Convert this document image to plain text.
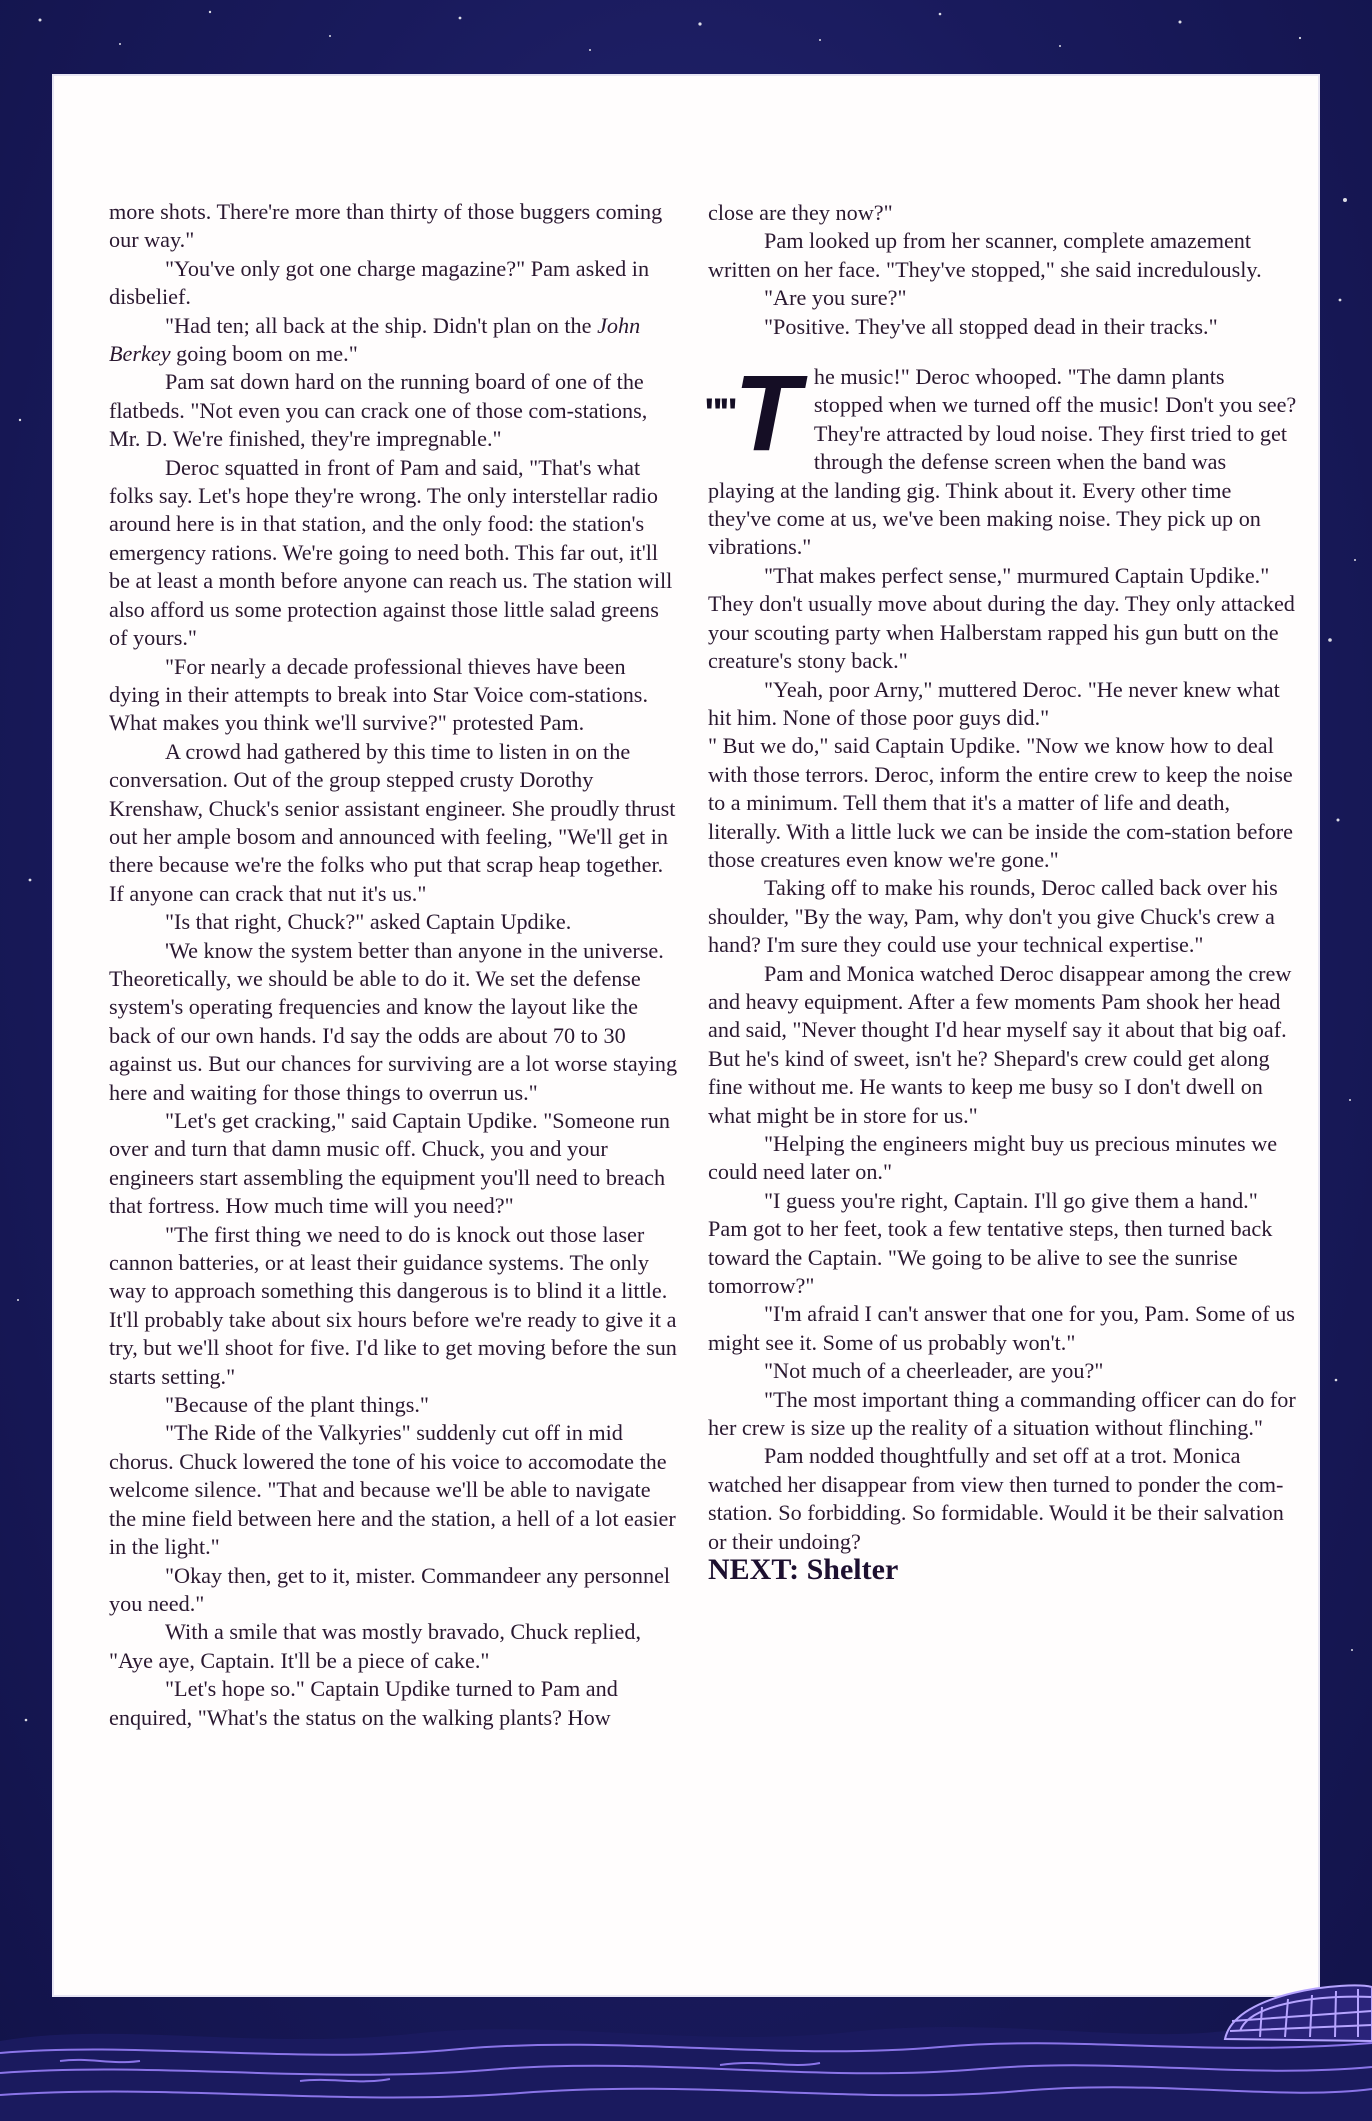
more shots. There're more than thirty of those buggers coming our way."

"You've only got one charge magazine?" Pam asked in disbelief.

"Had ten; all back at the ship. Didn't plan on the John Berkey going boom on me."

Pam sat down hard on the running board of one of the flatbeds. "Not even you can crack one of those com-stations, Mr. D. We're finished, they're impregnable."

Deroc squatted in front of Pam and said, "That's what folks say. Let's hope they're wrong. The only interstellar radio around here is in that station, and the only food: the station's emergency rations. We're going to need both. This far out, it'll be at least a month before anyone can reach us. The station will also afford us some protection against those little salad greens of yours."

"For nearly a decade professional thieves have been dying in their attempts to break into Star Voice com-stations. What makes you think we'll survive?" protested Pam.

A crowd had gathered by this time to listen in on the conversation. Out of the group stepped crusty Dorothy Krenshaw, Chuck's senior assistant engineer. She proudly thrust out her ample bosom and announced with feeling, "We'll get in there because we're the folks who put that scrap heap together. If anyone can crack that nut it's us."

"Is that right, Chuck?" asked Captain Updike.

'We know the system better than anyone in the universe. Theoretically, we should be able to do it. We set the defense system's operating frequencies and know the layout like the back of our own hands. I'd say the odds are about 70 to 30 against us. But our chances for surviving are a lot worse staying here and waiting for those things to overrun us."

"Let's get cracking," said Captain Updike. "Someone run over and turn that damn music off. Chuck, you and your engineers start assembling the equipment you'll need to breach that fortress. How much time will you need?"

"The first thing we need to do is knock out those laser cannon batteries, or at least their guidance systems. The only way to approach something this dangerous is to blind it a little. It'll probably take about six hours before we're ready to give it a try, but we'll shoot for five. I'd like to get moving before the sun starts setting."

"Because of the plant things."

"The Ride of the Valkyries" suddenly cut off in mid chorus. Chuck lowered the tone of his voice to accomodate the welcome silence. "That and because we'll be able to navigate the mine field between here and the station, a hell of a lot easier in the light."

"Okay then, get to it, mister. Commandeer any personnel you need."

With a smile that was mostly bravado, Chuck replied, "Aye aye, Captain. It'll be a piece of cake."

"Let's hope so." Captain Updike turned to Pam and enquired, "What's the status on the walking plants? How

close are they now?"

Pam looked up from her scanner, complete amazement written on her face. "They've stopped," she said incredulously.

"Are you sure?"

"Positive. They've all stopped dead in their tracks."

""T he music!" Deroc whooped. "The damn plants stopped when we turned off the music! Don't you see? They're attracted by loud noise. They first tried to get through the defense screen when the band was playing at the landing gig. Think about it. Every other time they've come at us, we've been making noise. They pick up on vibrations."

"That makes perfect sense," murmured Captain Updike." They don't usually move about during the day. They only attacked your scouting party when Halberstam rapped his gun butt on the creature's stony back."

"Yeah, poor Arny," muttered Deroc. "He never knew what hit him. None of those poor guys did."

" But we do," said Captain Updike. "Now we know how to deal with those terrors. Deroc, inform the entire crew to keep the noise to a minimum. Tell them that it's a matter of life and death, literally. With a little luck we can be inside the com-station before those creatures even know we're gone."

Taking off to make his rounds, Deroc called back over his shoulder, "By the way, Pam, why don't you give Chuck's crew a hand? I'm sure they could use your technical expertise."

Pam and Monica watched Deroc disappear among the crew and heavy equipment. After a few moments Pam shook her head and said, "Never thought I'd hear myself say it about that big oaf. But he's kind of sweet, isn't he? Shepard's crew could get along fine without me. He wants to keep me busy so I don't dwell on what might be in store for us."

"Helping the engineers might buy us precious minutes we could need later on."

"I guess you're right, Captain. I'll go give them a hand." Pam got to her feet, took a few tentative steps, then turned back toward the Captain. "We going to be alive to see the sunrise tomorrow?"

"I'm afraid I can't answer that one for you, Pam. Some of us might see it. Some of us probably won't."

"Not much of a cheerleader, are you?"

"The most important thing a commanding officer can do for her crew is size up the reality of a situation without flinching."

Pam nodded thoughtfully and set off at a trot. Monica watched her disappear from view then turned to ponder the com-station. So forbidding. So formidable. Would it be their salvation or their undoing?

NEXT: Shelter
